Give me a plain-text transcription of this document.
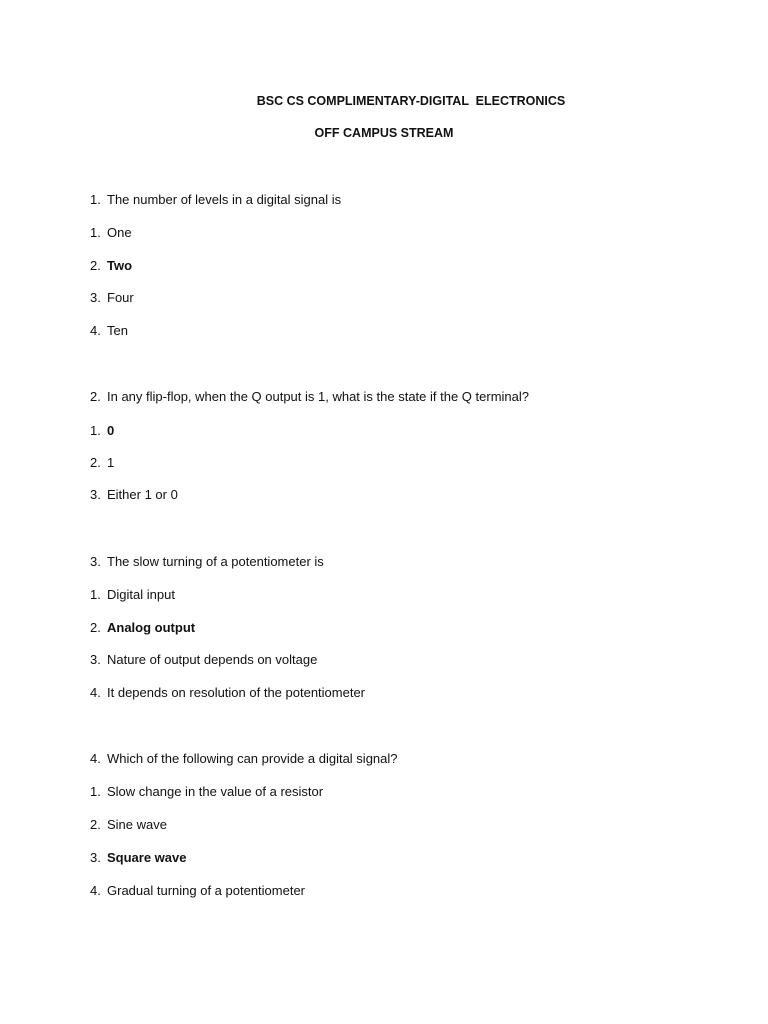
BSC CS COMPLIMENTARY-DIGITAL  ELECTRONICS
OFF CAMPUS STREAM
1. The number of levels in a digital signal is
1. One
2. Two
3. Four
4. Ten
2. In any flip-flop, when the Q output is 1, what is the state if the Q terminal?
1. 0
2. 1
3. Either 1 or 0
3. The slow turning of a potentiometer is
1. Digital input
2. Analog output
3. Nature of output depends on voltage
4. It depends on resolution of the potentiometer
4. Which of the following can provide a digital signal?
1. Slow change in the value of a resistor
2. Sine wave
3. Square wave
4. Gradual turning of a potentiometer
